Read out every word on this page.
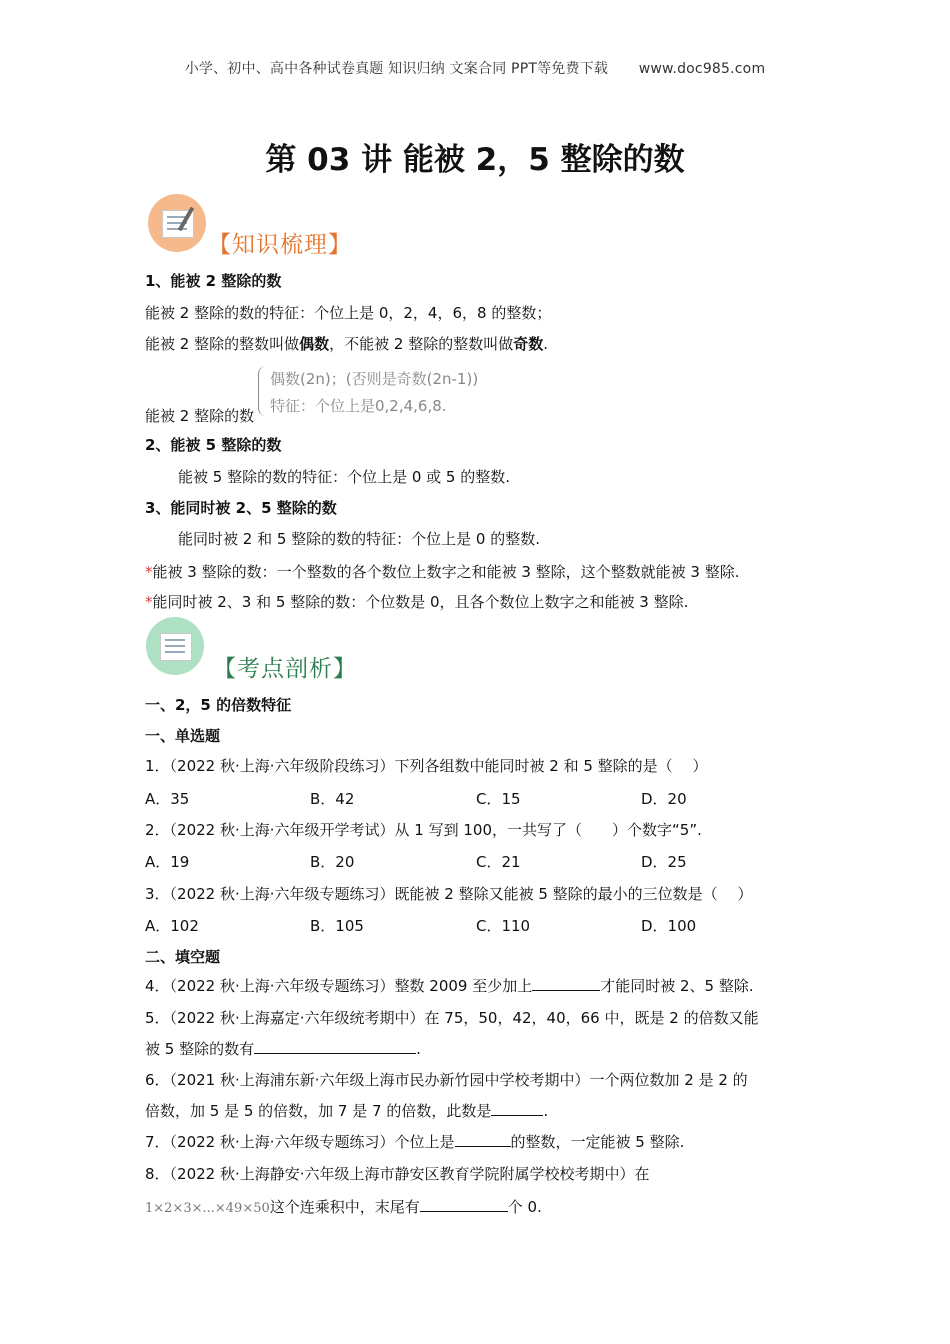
小学、初中、高中各种试卷真题 知识归纳 文案合同 PPT等免费下载 www.doc985.com
第 03 讲 能被 2，5 整除的数
【知识梳理】
1、能被 2 整除的数
能被 2 整除的数的特征：个位上是 0，2，4，6，8 的整数；
能被 2 整除的整数叫做偶数，不能被 2 整除的整数叫做奇数.
能被 2 整除的数
偶数(2n)；(否则是奇数(2n-1))
特征：个位上是0,2,4,6,8.
2、能被 5 整除的数
能被 5 整除的数的特征：个位上是 0 或 5 的整数.
3、能同时被 2、5 整除的数
能同时被 2 和 5 整除的数的特征：个位上是 0 的整数.
*能被 3 整除的数：一个整数的各个数位上数字之和能被 3 整除，这个整数就能被 3 整除.
*能同时被 2、3 和 5 整除的数：个位数是 0，且各个数位上数字之和能被 3 整除.
【考点剖析】
一、2，5 的倍数特征
一、单选题
1．（2022 秋·上海·六年级阶段练习）下列各组数中能同时被 2 和 5 整除的是（　 ）
A．35	B．42	C．15	D．20
2．（2022 秋·上海·六年级开学考试）从 1 写到 100，一共写了（　　）个数字“5”.
A．19	B．20	C．21	D．25
3．（2022 秋·上海·六年级专题练习）既能被 2 整除又能被 5 整除的最小的三位数是（　 ）
A．102	B．105	C．110	D．100
二、填空题
4．（2022 秋·上海·六年级专题练习）整数 2009 至少加上	才能同时被 2、5 整除.
5．（2022 秋·上海嘉定·六年级统考期中）在 75，50，42，40，66 中，既是 2 的倍数又能
被 5 整除的数有	.
6．（2021 秋·上海浦东新·六年级上海市民办新竹园中学校考期中）一个两位数加 2 是 2 的
倍数，加 5 是 5 的倍数，加 7 是 7 的倍数，此数是	.
7．（2022 秋·上海·六年级专题练习）个位上是	的整数，一定能被 5 整除.
8．（2022 秋·上海静安·六年级上海市静安区教育学院附属学校校考期中）在
1×2×3×...×49×50这个连乘积中，末尾有	个 0.
